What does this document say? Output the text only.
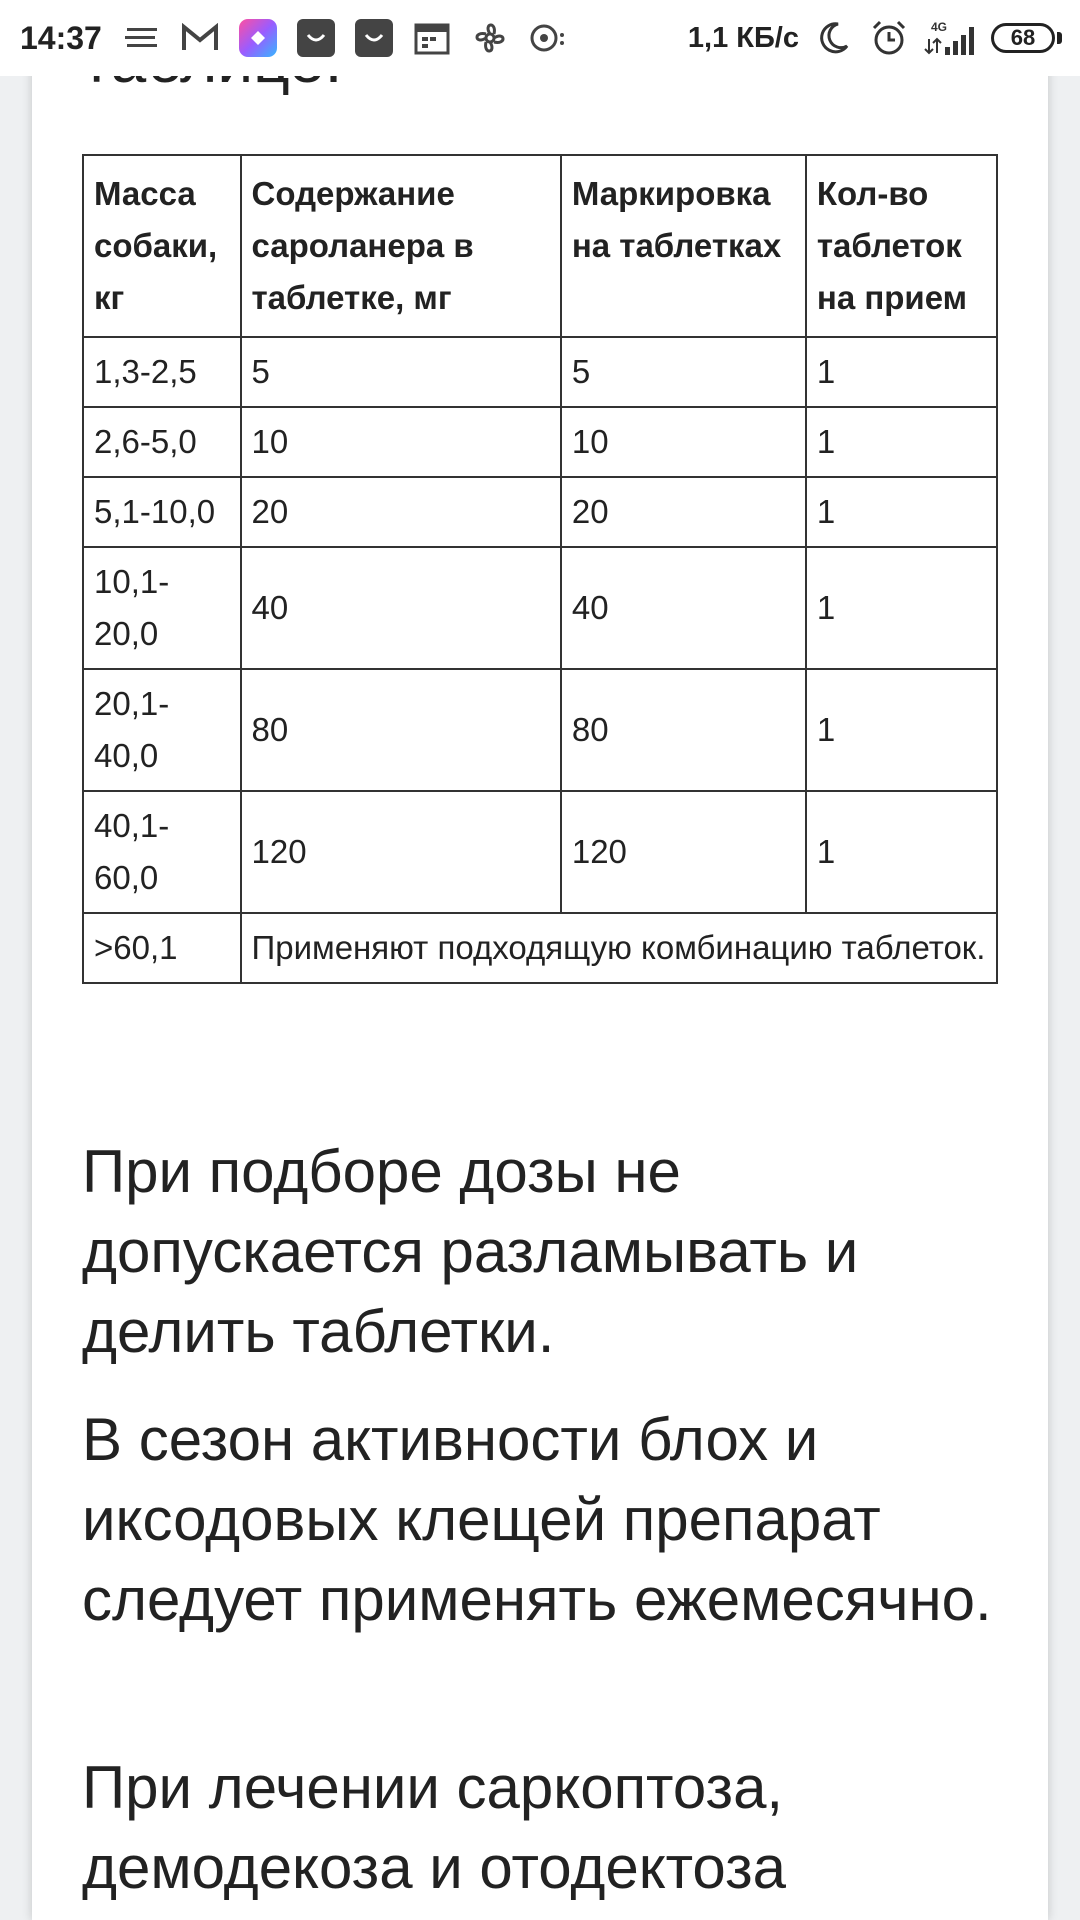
14:37	1,1 КБ/с	4G	68
Масса собаки, кг	Содержание сароланера в таблетке, мг	Маркировка на таблетках	Кол-во таблеток на прием
1,3-2,5	5	5	1
2,6-5,0	10	10	1
5,1-10,0	20	20	1
10,1-20,0	40	40	1
20,1-40,0	80	80	1
40,1-60,0	120	120	1
>60,1	Применяют подходящую комбинацию таблеток.		

При подборе дозы не допускается разламывать и делить таблетки.

В сезон активности блох и иксодовых клещей препарат следует применять ежемесячно.

При лечении саркоптоза, демодекоза и отодектоза
